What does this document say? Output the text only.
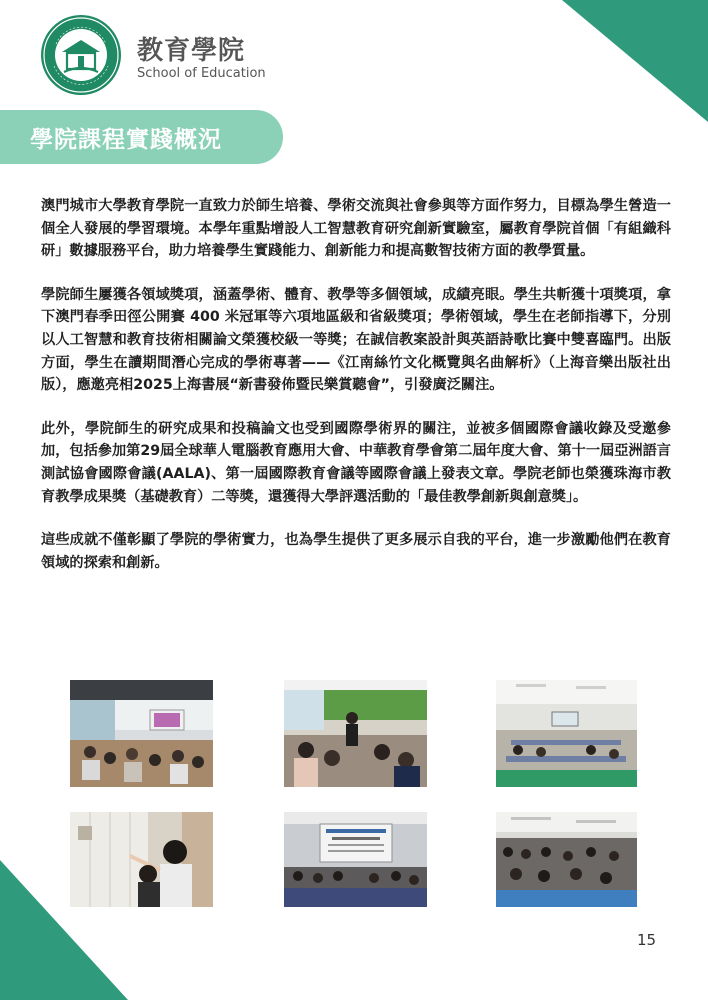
教育學院
School of Education
學院課程實踐概況

澳門城市大學教育學院一直致力於師生培養、學術交流與社會參與等方面作努力，目標為學生營造一個全人發展的學習環境。本學年重點增設人工智慧教育研究創新實驗室，屬教育學院首個「有組織科研」數據服務平台，助力培養學生實踐能力、創新能力和提高數智技術方面的教學質量。

學院師生屢獲各領域獎項，涵蓋學術、體育、教學等多個領域，成績亮眼。學生共斬獲十項獎項，拿下澳門春季田徑公開賽 400 米冠軍等六項地區級和省級獎項；學術領域，學生在老師指導下，分別以人工智慧和教育技術相關論文榮獲校級一等獎；在誠信教案設計與英語詩歌比賽中雙喜臨門。出版方面，學生在讀期間潛心完成的學術專著——《江南絲竹文化概覽與名曲解析》（上海音樂出版社出版），應邀亮相2025上海書展“新書發佈暨民樂賞聽會”，引發廣泛關注。

此外，學院師生的研究成果和投稿論文也受到國際學術界的關注，並被多個國際會議收錄及受邀參加，包括參加第29屆全球華人電腦教育應用大會、中華教育學會第二屆年度大會、第十一屆亞洲語言測試協會國際會議(AALA)、第一屆國際教育會議等國際會議上發表文章。學院老師也榮獲珠海市教育教學成果獎（基礎教育）二等獎，還獲得大學評選活動的「最佳教學創新與創意獎」。

這些成就不僅彰顯了學院的學術實力，也為學生提供了更多展示自我的平台，進一步激勵他們在教育領域的探索和創新。

15
